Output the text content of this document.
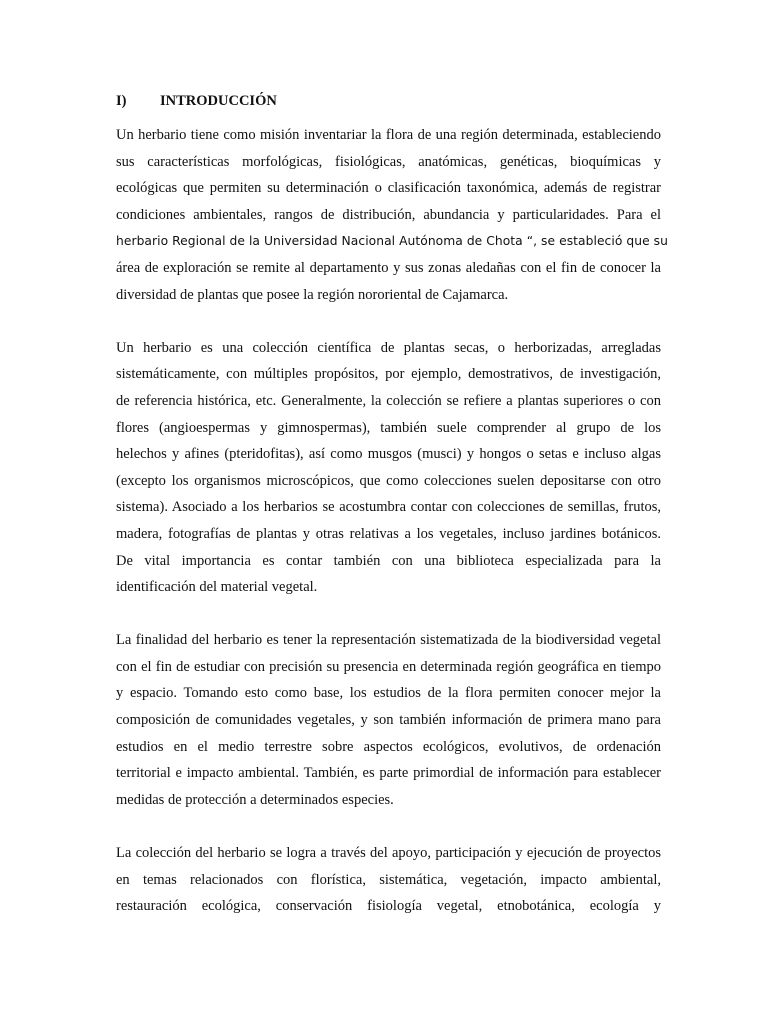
I) INTRODUCCIÓN
Un herbario tiene como misión inventariar la flora de una región determinada, estableciendo
sus características morfológicas, fisiológicas, anatómicas, genéticas, bioquímicas y
ecológicas que permiten su determinación o clasificación taxonómica, además de registrar
condiciones ambientales, rangos de distribución, abundancia y particularidades. Para el
herbario Regional de la Universidad Nacional Autónoma de Chota “, se estableció que su
área de exploración se remite al departamento y sus zonas aledañas con el fin de conocer la
diversidad de plantas que posee la región nororiental de Cajamarca.
Un herbario es una colección científica de plantas secas, o herborizadas, arregladas
sistemáticamente, con múltiples propósitos, por ejemplo, demostrativos, de investigación,
de referencia histórica, etc. Generalmente, la colección se refiere a plantas superiores o con
flores (angioespermas y gimnospermas), también suele comprender al grupo de los
helechos y afines (pteridofitas), así como musgos (musci) y hongos o setas e incluso algas
(excepto los organismos microscópicos, que como colecciones suelen depositarse con otro
sistema). Asociado a los herbarios se acostumbra contar con colecciones de semillas, frutos,
madera, fotografías de plantas y otras relativas a los vegetales, incluso jardines botánicos.
De vital importancia es contar también con una biblioteca especializada para la
identificación del material vegetal.
La finalidad del herbario es tener la representación sistematizada de la biodiversidad vegetal
con el fin de estudiar con precisión su presencia en determinada región geográfica en tiempo
y espacio. Tomando esto como base, los estudios de la flora permiten conocer mejor la
composición de comunidades vegetales, y son también información de primera mano para
estudios en el medio terrestre sobre aspectos ecológicos, evolutivos, de ordenación
territorial e impacto ambiental. También, es parte primordial de información para establecer
medidas de protección a determinados especies.
La colección del herbario se logra a través del apoyo, participación y ejecución de proyectos
en temas relacionados con florística, sistemática, vegetación, impacto ambiental,
restauración ecológica, conservación fisiología vegetal, etnobotánica, ecología y
